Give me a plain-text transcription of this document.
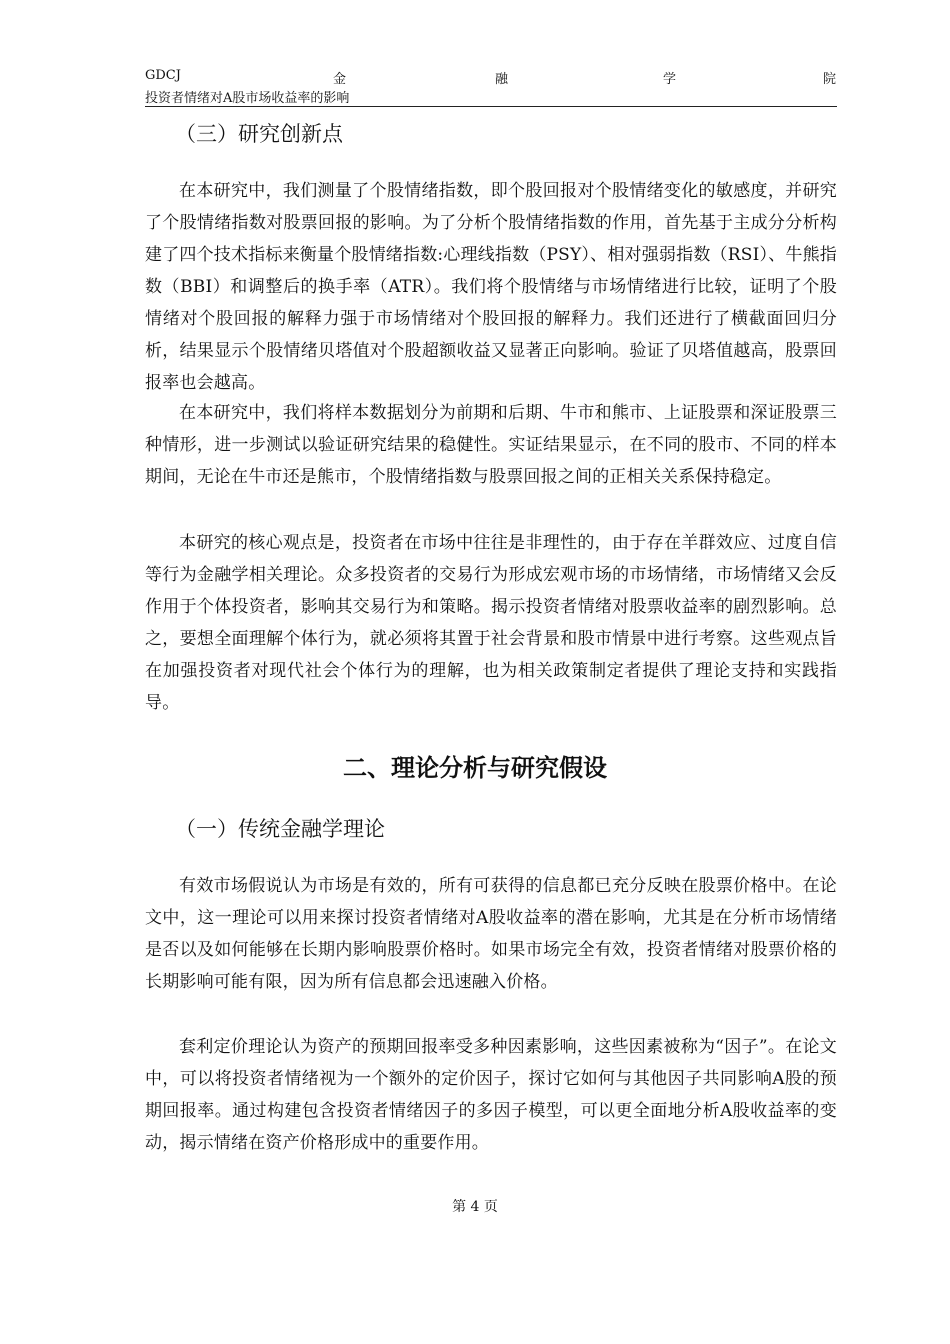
GDCJ	金	融	学	院
投资者情绪对A股市场收益率的影响
（三）研究创新点

在本研究中，我们测量了个股情绪指数，即个股回报对个股情绪变化的敏感度，并研究了个股情绪指数对股票回报的影响。为了分析个股情绪指数的作用，首先基于主成分分析构建了四个技术指标来衡量个股情绪指数:心理线指数（PSY）、相对强弱指数（RSI）、牛熊指数（BBI）和调整后的换手率（ATR）。我们将个股情绪与市场情绪进行比较，证明了个股情绪对个股回报的解释力强于市场情绪对个股回报的解释力。我们还进行了横截面回归分析，结果显示个股情绪贝塔值对个股超额收益又显著正向影响。验证了贝塔值越高，股票回报率也会越高。

在本研究中，我们将样本数据划分为前期和后期、牛市和熊市、上证股票和深证股票三种情形，进一步测试以验证研究结果的稳健性。实证结果显示，在不同的股市、不同的样本期间，无论在牛市还是熊市，个股情绪指数与股票回报之间的正相关关系保持稳定。

本研究的核心观点是，投资者在市场中往往是非理性的，由于存在羊群效应、过度自信等行为金融学相关理论。众多投资者的交易行为形成宏观市场的市场情绪，市场情绪又会反作用于个体投资者，影响其交易行为和策略。揭示投资者情绪对股票收益率的剧烈影响。总之，要想全面理解个体行为，就必须将其置于社会背景和股市情景中进行考察。这些观点旨在加强投资者对现代社会个体行为的理解，也为相关政策制定者提供了理论支持和实践指导。

二、理论分析与研究假设
（一）传统金融学理论

有效市场假说认为市场是有效的，所有可获得的信息都已充分反映在股票价格中。在论文中，这一理论可以用来探讨投资者情绪对A股收益率的潜在影响，尤其是在分析市场情绪是否以及如何能够在长期内影响股票价格时。如果市场完全有效，投资者情绪对股票价格的长期影响可能有限，因为所有信息都会迅速融入价格。

套利定价理论认为资产的预期回报率受多种因素影响，这些因素被称为“因子”。在论文中，可以将投资者情绪视为一个额外的定价因子，探讨它如何与其他因子共同影响A股的预期回报率。通过构建包含投资者情绪因子的多因子模型，可以更全面地分析A股收益率的变动，揭示情绪在资产价格形成中的重要作用。

第 4 页
